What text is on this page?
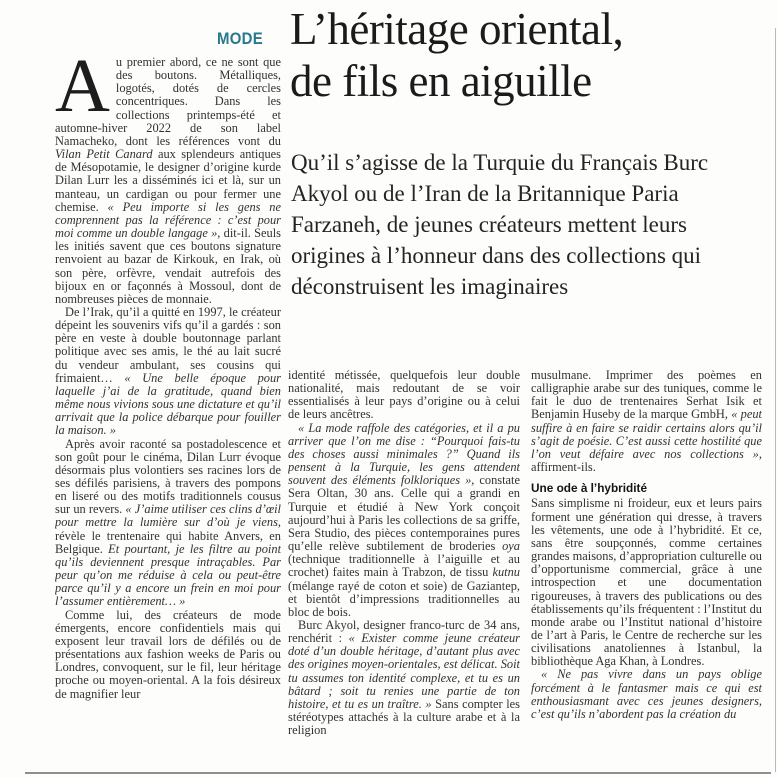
MODE L’héritage oriental,
de fils en aiguille

Qu’il s’agisse de la Turquie du Français Burc Akyol ou de l’Iran de la Britannique Paria Farzaneh, de jeunes créateurs mettent leurs origines à l’honneur dans des collections qui déconstruisent les imaginaires

Au premier abord, ce ne sont que des boutons. Métalliques, logotés, dotés de cercles concentriques. Dans les collections printemps-été et automne-hiver 2022 de son label Namacheko, dont les références vont du Vilan Petit Canard aux splendeurs antiques de Mésopotamie, le designer d’origine kurde Dilan Lurr les a disséminés ici et là, sur un manteau, un cardigan ou pour fermer une chemise. « Peu importe si les gens ne comprennent pas la référence : c’est pour moi comme un double langage », dit-il. Seuls les initiés savent que ces boutons signature renvoient au bazar de Kirkouk, en Irak, où son père, orfèvre, vendait autrefois des bijoux en or façonnés à Mossoul, dont de nombreuses pièces de monnaie.

De l’Irak, qu’il a quitté en 1997, le créateur dépeint les souvenirs vifs qu’il a gardés : son père en veste à double boutonnage parlant politique avec ses amis, le thé au lait sucré du vendeur ambulant, ses cousins qui frimaient… « Une belle époque pour laquelle j’ai de la gratitude, quand bien même nous vivions sous une dictature et qu’il arrivait que la police débarque pour fouiller la maison. »

Après avoir raconté sa postadolescence et son goût pour le cinéma, Dilan Lurr évoque désormais plus volontiers ses racines lors de ses défilés parisiens, à travers des pompons en liseré ou des motifs traditionnels cousus sur un revers. « J’aime utiliser ces clins d’œil pour mettre la lumière sur d’où je viens, révèle le trentenaire qui habite Anvers, en Belgique. Et pourtant, je les filtre au point qu’ils deviennent presque intraçables. Par peur qu’on me réduise à cela ou peut-être parce qu’il y a encore un frein en moi pour l’assumer entièrement… »

Comme lui, des créateurs de mode émergents, encore confidentiels mais qui exposent leur travail lors de défilés ou de présentations aux fashion weeks de Paris ou Londres, convoquent, sur le fil, leur héritage proche ou moyen-oriental. A la fois désireux de magnifier leur

identité métissée, quelquefois leur double nationalité, mais redoutant de se voir essentialisés à leur pays d’origine ou à celui de leurs ancêtres.

« La mode raffole des catégories, et il a pu arriver que l’on me dise : “Pourquoi fais-tu des choses aussi minimales ?” Quand ils pensent à la Turquie, les gens attendent souvent des éléments folkloriques », constate Sera Oltan, 30 ans. Celle qui a grandi en Turquie et étudié à New York conçoit aujourd’hui à Paris les collections de sa griffe, Sera Studio, des pièces contemporaines pures qu’elle relève subtilement de broderies oya (technique traditionnelle à l’aiguille et au crochet) faites main à Trabzon, de tissu kutnu (mélange rayé de coton et soie) de Gaziantep, et bientôt d’impressions traditionnelles au bloc de bois.

Burc Akyol, designer franco-turc de 34 ans, renchérit : « Exister comme jeune créateur doté d’un double héritage, d’autant plus avec des origines moyen-orientales, est délicat. Soit tu assumes ton identité complexe, et tu es un bâtard ; soit tu renies une partie de ton histoire, et tu es un traître. » Sans compter les stéréotypes attachés à la culture arabe et à la religion

musulmane. Imprimer des poèmes en calligraphie arabe sur des tuniques, comme le fait le duo de trentenaires Serhat Isik et Benjamin Huseby de la marque GmbH, « peut suffire à en faire se raidir certains alors qu’il s’agit de poésie. C’est aussi cette hostilité que l’on veut défaire avec nos collections », affirment-ils.

Une ode à l’hybridité

Sans simplisme ni froideur, eux et leurs pairs forment une génération qui dresse, à travers les vêtements, une ode à l’hybridité. Et ce, sans être soupçonnés, comme certaines grandes maisons, d’appropriation culturelle ou d’opportunisme commercial, grâce à une introspection et une documentation rigoureuses, à travers des publications ou des établissements qu’ils fréquentent : l’Institut du monde arabe ou l’Institut national d’histoire de l’art à Paris, le Centre de recherche sur les civilisations anatoliennes à Istanbul, la bibliothèque Aga Khan, à Londres.

« Ne pas vivre dans un pays oblige forcément à le fantasmer mais ce qui est enthousiasmant avec ces jeunes designers, c’est qu’ils n’abordent pas la création du
